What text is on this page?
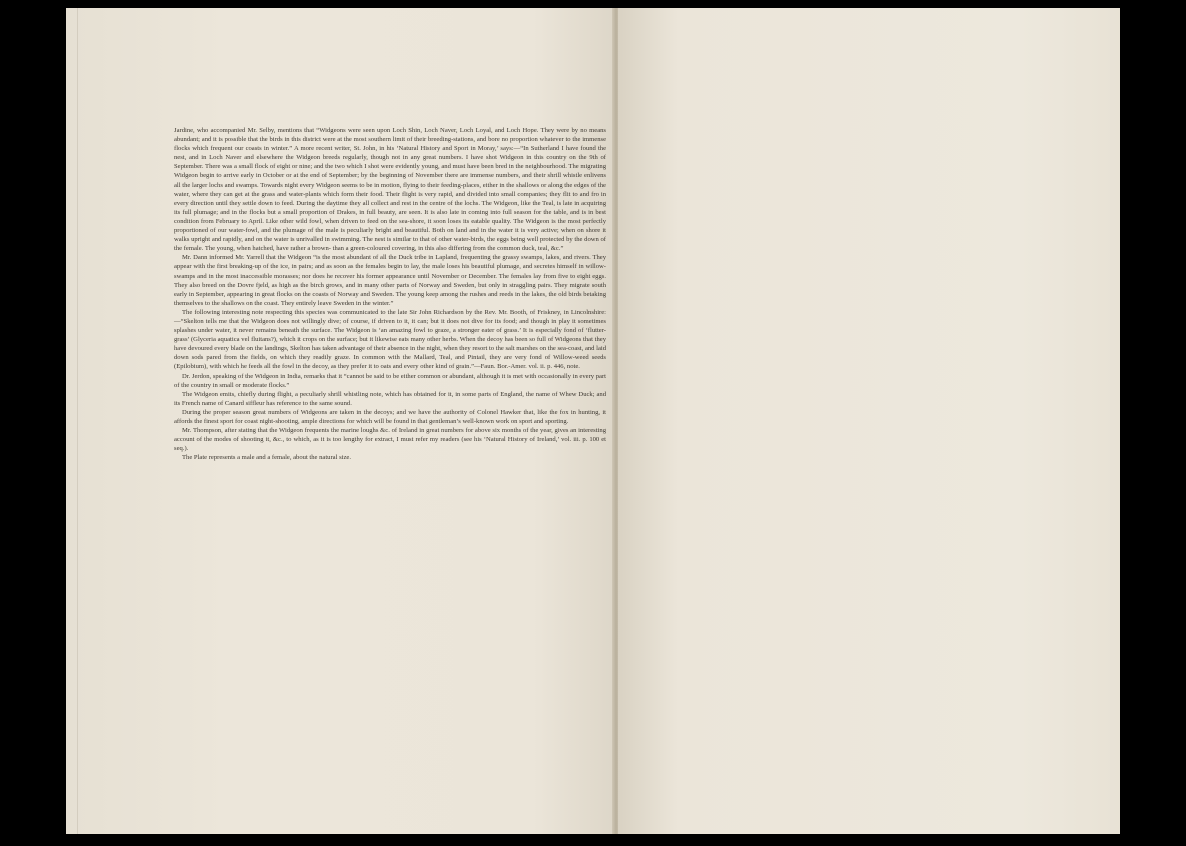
Jardine, who accompanied Mr. Selby, mentions that “Widgeons were seen upon Loch Shin, Loch Naver, Loch Loyal, and Loch Hope. They were by no means abundant; and it is possible that the birds in this district were at the most southern limit of their breeding-stations, and bore no proportion whatever to the immense flocks which frequent our coasts in winter.” A more recent writer, St. John, in his ‘Natural History and Sport in Moray,’ says:—“In Sutherland I have found the nest, and in Loch Naver and elsewhere the Widgeon breeds regularly, though not in any great numbers. I have shot Widgeon in this country on the 9th of September. There was a small flock of eight or nine; and the two which I shot were evidently young, and must have been bred in the neighbourhood. The migrating Widgeon begin to arrive early in October or at the end of September; by the beginning of November there are immense numbers, and their shrill whistle enlivens all the larger lochs and swamps. Towards night every Widgeon seems to be in motion, flying to their feeding-places, either in the shallows or along the edges of the water, where they can get at the grass and water-plants which form their food. Their flight is very rapid, and divided into small companies; they flit to and fro in every direction until they settle down to feed. During the daytime they all collect and rest in the centre of the lochs. The Widgeon, like the Teal, is late in acquiring its full plumage; and in the flocks but a small proportion of Drakes, in full beauty, are seen. It is also late in coming into full season for the table, and is in best condition from February to April. Like other wild fowl, when driven to feed on the sea-shore, it soon loses its eatable quality. The Widgeon is the most perfectly proportioned of our water-fowl, and the plumage of the male is peculiarly bright and beautiful. Both on land and in the water it is very active; when on shore it walks upright and rapidly, and on the water is unrivalled in swimming. The nest is similar to that of other water-birds, the eggs being well protected by the down of the female. The young, when hatched, have rather a brown- than a green-coloured covering, in this also differing from the common duck, teal, &c.”

Mr. Dann informed Mr. Yarrell that the Widgeon “is the most abundant of all the Duck tribe in Lapland, frequenting the grassy swamps, lakes, and rivers. They appear with the first breaking-up of the ice, in pairs; and as soon as the females begin to lay, the male loses his beautiful plumage, and secretes himself in willow-swamps and in the most inaccessible morasses; nor does he recover his former appearance until November or December. The females lay from five to eight eggs. They also breed on the Dovre fjeld, as high as the birch grows, and in many other parts of Norway and Sweden, but only in straggling pairs. They migrate south early in September, appearing in great flocks on the coasts of Norway and Sweden. The young keep among the rushes and reeds in the lakes, the old birds betaking themselves to the shallows on the coast. They entirely leave Sweden in the winter.”

The following interesting note respecting this species was communicated to the late Sir John Richardson by the Rev. Mr. Booth, of Friskney, in Lincolnshire:—“Skelton tells me that the Widgeon does not willingly dive; of course, if driven to it, it can; but it does not dive for its food; and though in play it sometimes splashes under water, it never remains beneath the surface. The Widgeon is ‘an amazing fowl to graze, a stronger eater of grass.’ It is especially fond of ‘flutter-grass’ (Glyceria aquatica vel fluitans?), which it crops on the surface; but it likewise eats many other herbs. When the decoy has been so full of Widgeons that they have devoured every blade on the landings, Skelton has taken advantage of their absence in the night, when they resort to the salt marshes on the sea-coast, and laid down sods pared from the fields, on which they readily graze. In common with the Mallard, Teal, and Pintail, they are very fond of Willow-weed seeds (Epilobium), with which he feeds all the fowl in the decoy, as they prefer it to oats and every other kind of grain.”—Faun. Bor.-Amer. vol. ii. p. 446, note.

Dr. Jerdon, speaking of the Widgeon in India, remarks that it “cannot be said to be either common or abundant, although it is met with occasionally in every part of the country in small or moderate flocks.”

The Widgeon emits, chiefly during flight, a peculiarly shrill whistling note, which has obtained for it, in some parts of England, the name of Whew Duck; and its French name of Canard siffleur has reference to the same sound.

During the proper season great numbers of Widgeons are taken in the decoys; and we have the authority of Colonel Hawker that, like the fox in hunting, it affords the finest sport for coast night-shooting, ample directions for which will be found in that gentleman’s well-known work on sport and sporting.

Mr. Thompson, after stating that the Widgeon frequents the marine loughs &c. of Ireland in great numbers for above six months of the year, gives an interesting account of the modes of shooting it, &c., to which, as it is too lengthy for extract, I must refer my readers (see his ‘Natural History of Ireland,’ vol. iii. p. 100 et seq.).

The Plate represents a male and a female, about the natural size.
